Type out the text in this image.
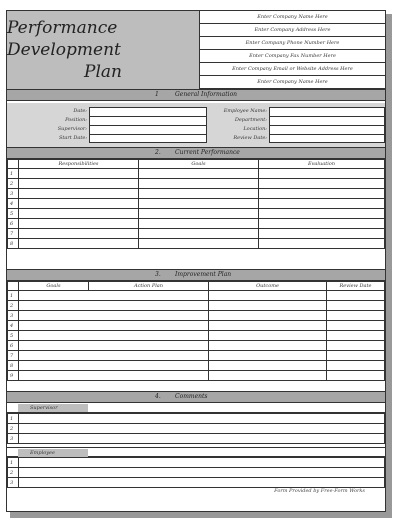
Performance Development
Plan
Enter Company Name Here
Enter Company Address Here
Enter Company Phone Number Here
Enter Company Fax Number Here
Enter Company Email or Website Address Here
Enter Company Name Here
1	General Information
Date:
Position:
Supervisor:
Start Date:
Employee Name:
Department:
Location:
Review Date:
2. Current Performance
	Responsibilities	Goals	Evaluation
1			
2			
3			
4			
5			
6			
7			
8			
3. Improvement Plan
	Goals	Action Plan	Outcome	Review Date
1				
2				
3				
4				
5				
6				
7				
8				
9				
4. Comments
Supervisor
1	
2	
3	
Employee
1	
2	
3	
Form Provided by Free-Form Works
